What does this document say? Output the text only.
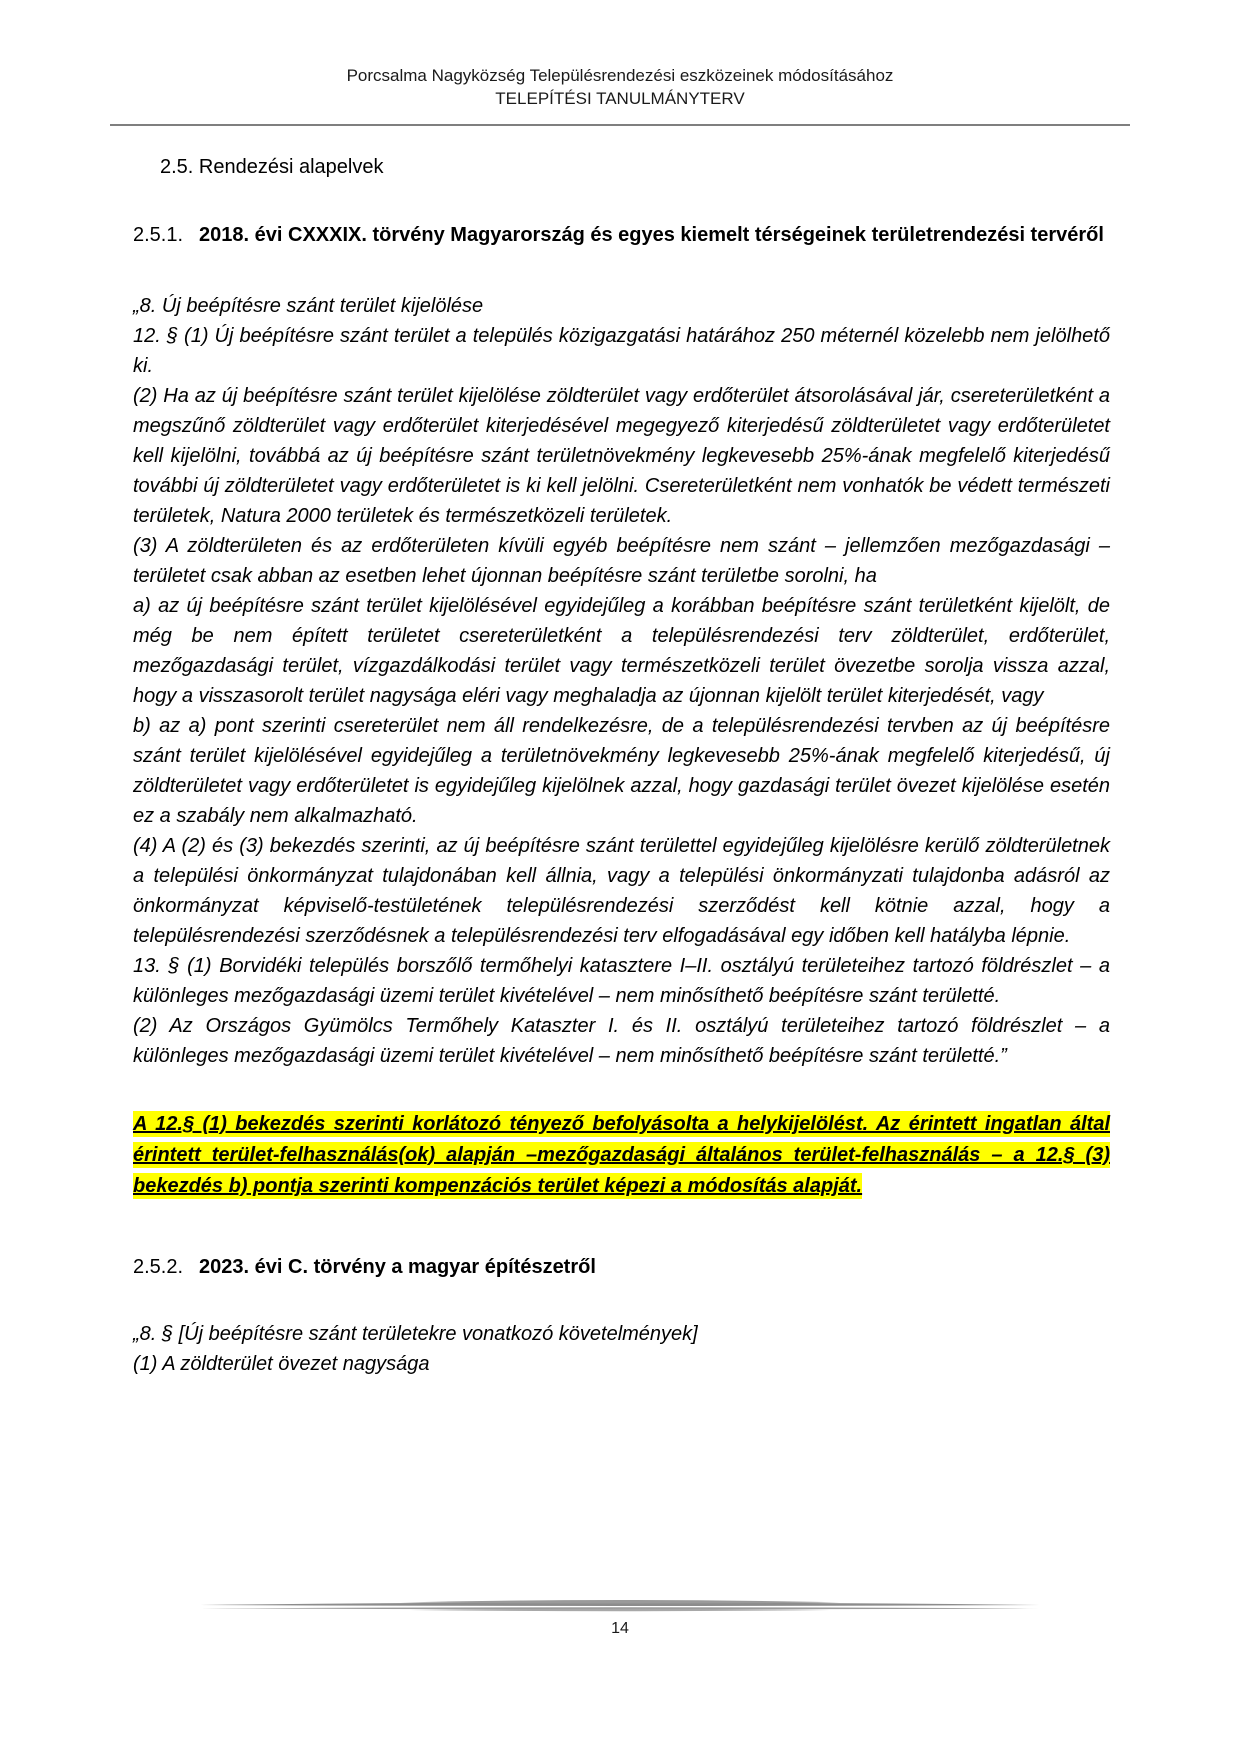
Porcsalma Nagyközség Településrendezési eszközeinek módosításához
TELEPÍTÉSI TANULMÁNYTERV
2.5. Rendezési alapelvek

2.5.1. 2018. évi CXXXIX. törvény Magyarország és egyes kiemelt térségeinek területrendezési tervéről

„8. Új beépítésre szánt terület kijelölése

12. § (1) Új beépítésre szánt terület a település közigazgatási határához 250 méternél közelebb nem jelölhető ki.

(2) Ha az új beépítésre szánt terület kijelölése zöldterület vagy erdőterület átsorolásával jár, csereterületként a megszűnő zöldterület vagy erdőterület kiterjedésével megegyező kiterjedésű zöldterületet vagy erdőterületet kell kijelölni, továbbá az új beépítésre szánt területnövekmény legkevesebb 25%-ának megfelelő kiterjedésű további új zöldterületet vagy erdőterületet is ki kell jelölni. Csereterületként nem vonhatók be védett természeti területek, Natura 2000 területek és természetközeli területek.

(3) A zöldterületen és az erdőterületen kívüli egyéb beépítésre nem szánt – jellemzően mezőgazdasági – területet csak abban az esetben lehet újonnan beépítésre szánt területbe sorolni, ha

a) az új beépítésre szánt terület kijelölésével egyidejűleg a korábban beépítésre szánt területként kijelölt, de még be nem épített területet csereterületként a településrendezési terv zöldterület, erdőterület, mezőgazdasági terület, vízgazdálkodási terület vagy természetközeli terület övezetbe sorolja vissza azzal, hogy a visszasorolt terület nagysága eléri vagy meghaladja az újonnan kijelölt terület kiterjedését, vagy

b) az a) pont szerinti csereterület nem áll rendelkezésre, de a településrendezési tervben az új beépítésre szánt terület kijelölésével egyidejűleg a területnövekmény legkevesebb 25%-ának megfelelő kiterjedésű, új zöldterületet vagy erdőterületet is egyidejűleg kijelölnek azzal, hogy gazdasági terület övezet kijelölése esetén ez a szabály nem alkalmazható.

(4) A (2) és (3) bekezdés szerinti, az új beépítésre szánt területtel egyidejűleg kijelölésre kerülő zöldterületnek a települési önkormányzat tulajdonában kell állnia, vagy a települési önkormányzati tulajdonba adásról az önkormányzat képviselő-testületének településrendezési szerződést kell kötnie azzal, hogy a településrendezési szerződésnek a településrendezési terv elfogadásával egy időben kell hatályba lépnie.

13. § (1) Borvidéki település borszőlő termőhelyi katasztere I–II. osztályú területeihez tartozó földrészlet – a különleges mezőgazdasági üzemi terület kivételével – nem minősíthető beépítésre szánt területté.

(2) Az Országos Gyümölcs Termőhely Kataszter I. és II. osztályú területeihez tartozó földrészlet – a különleges mezőgazdasági üzemi terület kivételével – nem minősíthető beépítésre szánt területté.”

A 12.§ (1) bekezdés szerinti korlátozó tényező befolyásolta a helykijelölést. Az érintett ingatlan által érintett terület-felhasználás(ok) alapján –mezőgazdasági általános terület-felhasználás – a 12.§ (3) bekezdés b) pontja szerinti kompenzációs terület képezi a módosítás alapját.

2.5.2. 2023. évi C. törvény a magyar építészetről

„8. § [Új beépítésre szánt területekre vonatkozó követelmények]

(1) A zöldterület övezet nagysága

14
